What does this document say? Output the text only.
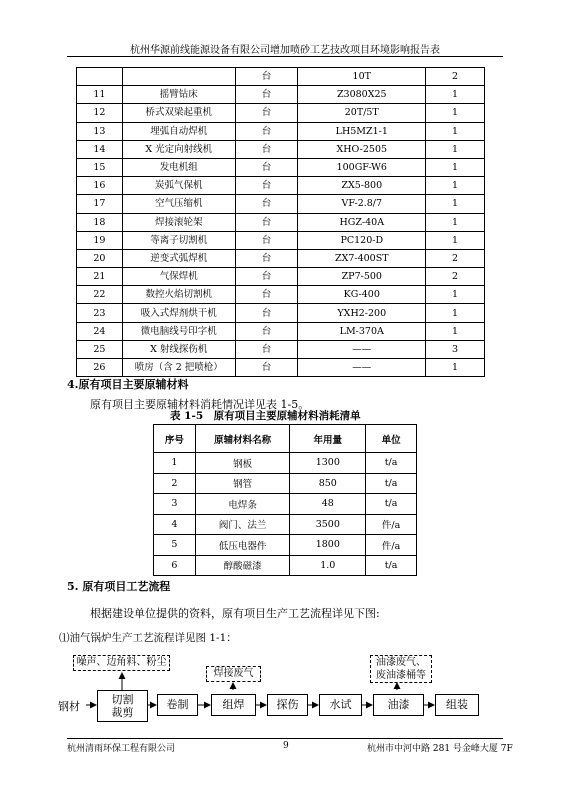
杭州华源前线能源设备有限公司增加喷砂工艺技改项目环境影响报告表
		台	10T	2
11	摇臂钻床	台	Z3080X25	1
12	桥式双梁起重机	台	20T/5T	1
13	埋弧自动焊机	台	LH5MZ1-1	1
14	X 光定向射线机	台	XHO-2505	1
15	发电机组	台	100GF-W6	1
16	炭弧气保机	台	ZX5-800	1
17	空气压缩机	台	VF-2.8/7	1
18	焊接滚轮架	台	HGZ-40A	1
19	等离子切割机	台	PC120-D	1
20	逆变式弧焊机	台	ZX7-400ST	2
21	气保焊机	台	ZP7-500	2
22	数控火焰切割机	台	KG-400	1
23	吸入式焊剂烘干机	台	YXH2-200	1
24	微电脑线号印字机	台	LM-370A	1
25	X 射线探伤机	台	——	3
26	喷房（含 2 把喷枪）	台	——	1
4.原有项目主要原辅材料
原有项目主要原辅材料消耗情况详见表 1-5。
表 1-5　原有项目主要原辅材料消耗清单
序号	原辅材料名称	年用量	单位
1	钢板	1300	t/a
2	钢管	850	t/a
3	电焊条	48	t/a
4	阀门、法兰	3500	件/a
5	低压电器件	1800	件/a
6	醇酸磁漆	1.0	t/a
5. 原有项目工艺流程
根据建设单位提供的资料，原有项目生产工艺流程详见下图:
⑴油气锅炉生产工艺流程详见图 1-1：
噪声、边角料、粉尘
焊接废气
油漆废气、
废油漆桶等
钢材
切割
裁剪
卷制	组焊	探伤	水试	油漆	组装
杭州清雨环保工程有限公司	9	杭州市中河中路 281 号金峰大厦 7F
